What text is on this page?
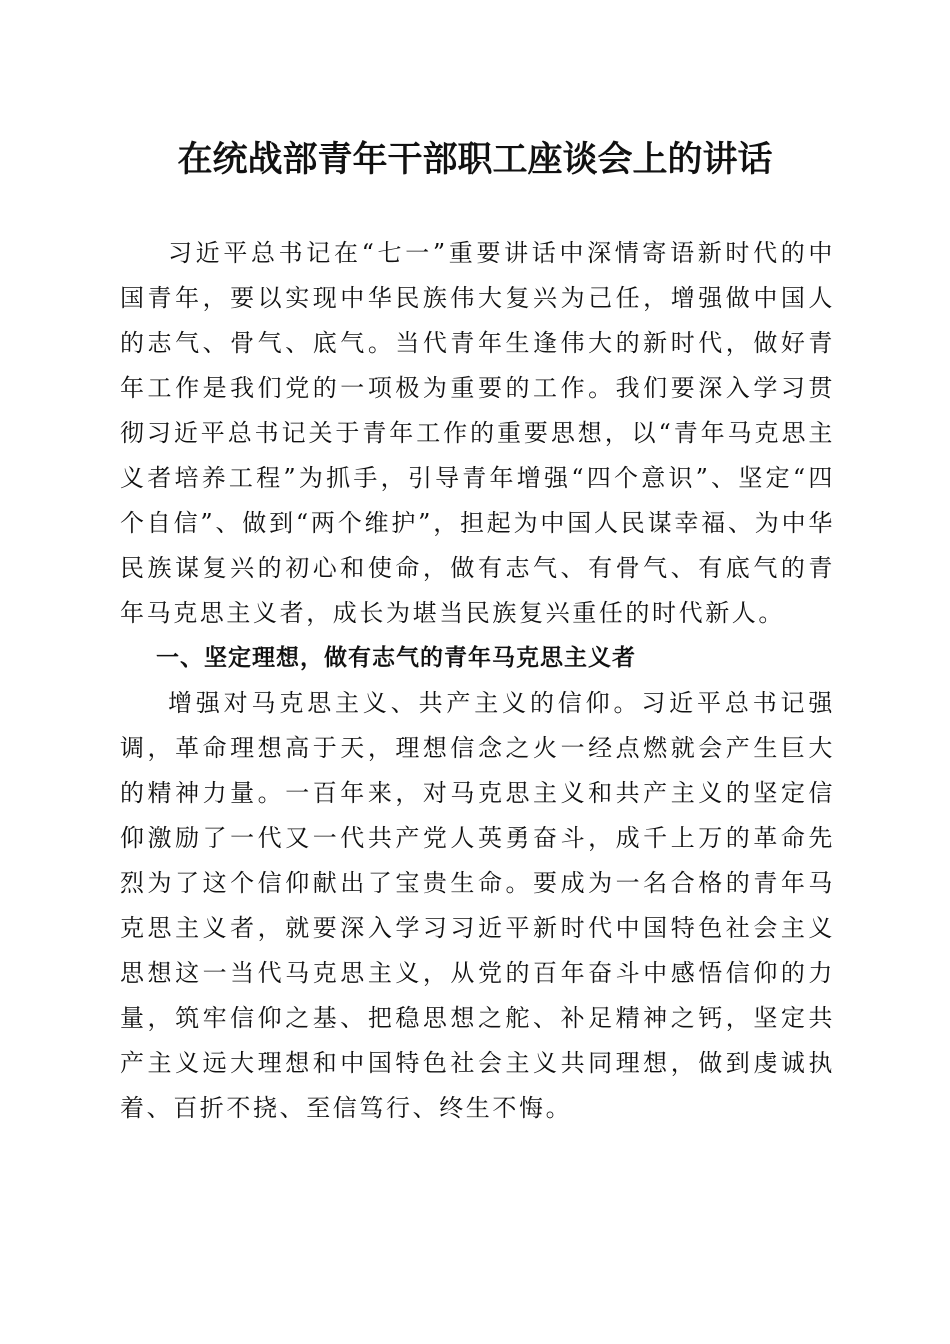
在统战部青年干部职工座谈会上的讲话

习近平总书记在“七一”重要讲话中深情寄语新时代的中国青年，要以实现中华民族伟大复兴为己任，增强做中国人的志气、骨气、底气。当代青年生逢伟大的新时代，做好青年工作是我们党的一项极为重要的工作。我们要深入学习贯彻习近平总书记关于青年工作的重要思想，以“青年马克思主义者培养工程”为抓手，引导青年增强“四个意识”、坚定“四个自信”、做到“两个维护”，担起为中国人民谋幸福、为中华民族谋复兴的初心和使命，做有志气、有骨气、有底气的青年马克思主义者，成长为堪当民族复兴重任的时代新人。

一、坚定理想，做有志气的青年马克思主义者

增强对马克思主义、共产主义的信仰。习近平总书记强调，革命理想高于天，理想信念之火一经点燃就会产生巨大的精神力量。一百年来，对马克思主义和共产主义的坚定信仰激励了一代又一代共产党人英勇奋斗，成千上万的革命先烈为了这个信仰献出了宝贵生命。要成为一名合格的青年马克思主义者，就要深入学习习近平新时代中国特色社会主义思想这一当代马克思主义，从党的百年奋斗中感悟信仰的力量，筑牢信仰之基、把稳思想之舵、补足精神之钙，坚定共产主义远大理想和中国特色社会主义共同理想，做到虔诚执着、百折不挠、至信笃行、终生不悔。
